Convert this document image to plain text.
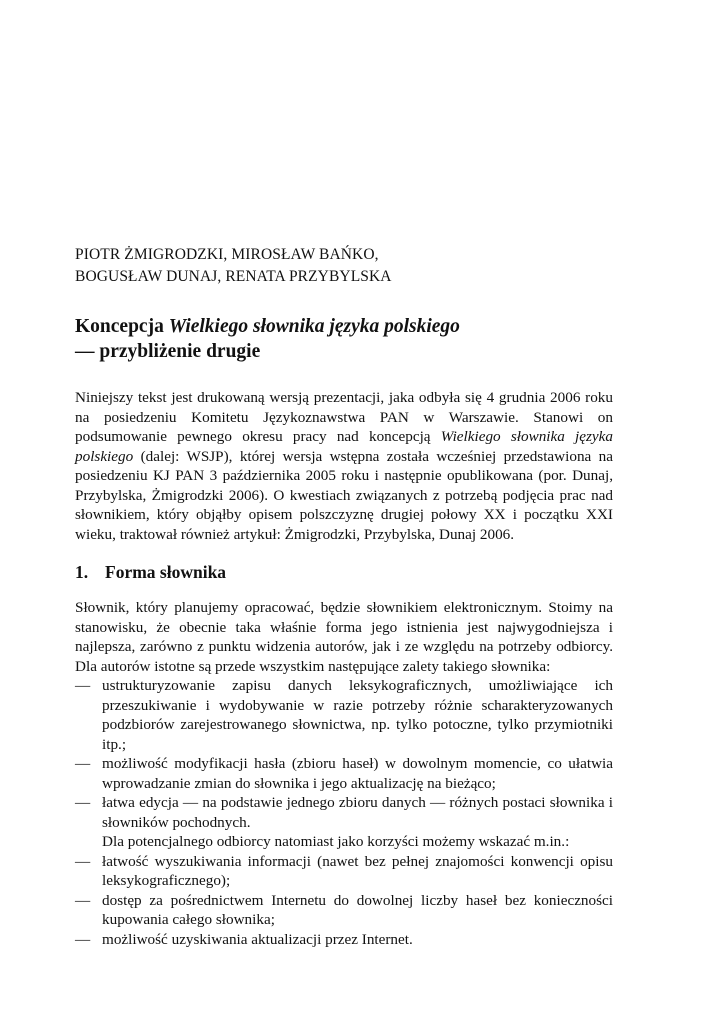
PIOTR ŻMIGRODZKI, MIROSŁAW BAŃKO,
BOGUSŁAW DUNAJ, RENATA PRZYBYLSKA
Koncepcja Wielkiego słownika języka polskiego
— przybliżenie drugie
Niniejszy tekst jest drukowaną wersją prezentacji, jaka odbyła się 4 grudnia 2006 roku na posiedzeniu Komitetu Językoznawstwa PAN w Warszawie. Stanowi on podsumowanie pewnego okresu pracy nad koncepcją Wielkiego słownika języka polskiego (dalej: WSJP), której wersja wstępna została wcześniej przedstawiona na posiedzeniu KJ PAN 3 października 2005 roku i następnie opublikowana (por. Dunaj, Przybylska, Żmigrodzki 2006). O kwestiach związanych z potrzebą podjęcia prac nad słownikiem, który objąłby opisem polszczyznę drugiej połowy XX i początku XXI wieku, traktował również artykuł: Żmigrodzki, Przybylska, Dunaj 2006.
1. Forma słownika

Słownik, który planujemy opracować, będzie słownikiem elektronicznym. Stoimy na stanowisku, że obecnie taka właśnie forma jego istnienia jest najwygodniejsza i najlepsza, zarówno z punktu widzenia autorów, jak i ze względu na potrzeby odbiorcy. Dla autorów istotne są przede wszystkim następujące zalety takiego słownika:

— ustrukturyzowanie zapisu danych leksykograficznych, umożliwiające ich przeszukiwanie i wydobywanie w razie potrzeby różnie scharakteryzowanych podzbiorów zarejestrowanego słownictwa, np. tylko potoczne, tylko przymiotniki itp.;
— możliwość modyfikacji hasła (zbioru haseł) w dowolnym momencie, co ułatwia wprowadzanie zmian do słownika i jego aktualizację na bieżąco;
— łatwa edycja — na podstawie jednego zbioru danych — różnych postaci słownika i słowników pochodnych.

Dla potencjalnego odbiorcy natomiast jako korzyści możemy wskazać m.in.:

— łatwość wyszukiwania informacji (nawet bez pełnej znajomości konwencji opisu leksykograficznego);
— dostęp za pośrednictwem Internetu do dowolnej liczby haseł bez konieczności kupowania całego słownika;
— możliwość uzyskiwania aktualizacji przez Internet.
